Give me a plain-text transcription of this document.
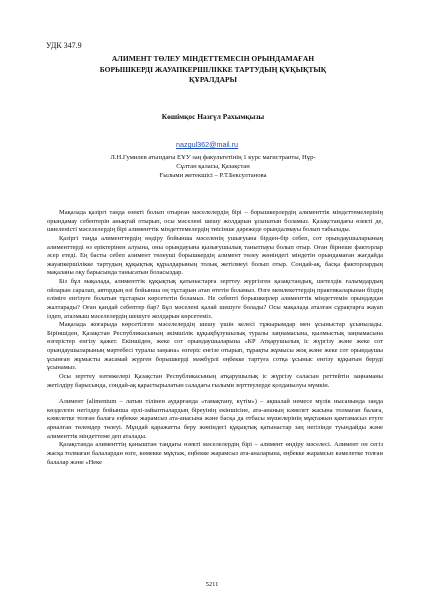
УДК 347.9
АЛИМЕНТ ТӨЛЕУ МІНДЕТТЕМЕСІН ОРЫНДАМАҒАН
БОРЫШКЕРДІ ЖАУАПКЕРШІЛІККЕ ТАРТУДЫҢ ҚҰҚЫҚТЫҚ
ҚҰРАЛДАРЫ
Көшімқос Назгүл Рахымқызы
nazgul362@mail.ru
Л.Н.Гумилев атындағы ЕҰУ заң факультетінің 1 курс магистранты, Нұр-
Сұлтан қаласы, Қазақстан
Ғылыми жетекшісі – Р.Т.Бексултанова

Мақалада қазіргі таңда өзекті болып отырған мәселелердің бірі – борышкерлердің алименттік міндеттемелерінің орындамау себептерін анықтай отырып, осы мәселені шешу жолдарын ұсынатын боламыз. Қазақстандағы өзекті де, шиеленісті мәселелердің бірі алименттік міндеттемелердің тиісінше дәрежеде орындалмауы болып табылады.

Қазіргі таңда алименттердің өндіру бойынша мәселенің ушығуына бірден-бір себеп, сот орындаушыларының алименттерді өз еріктерінен алуына, оны орындауына қызығушылық танытпауы болып отыр. Оған бірнеше факторлар әсер етеді. Ең басты себеп алимент төлеуші борышкердің алимент төлеу жөніндегі міндетін орындамаған жағдайда жауапкершілікке тартудың құқықтық құралдарының толық жетілмеуі болып отыр. Сондай-ақ, басқа факторлардың мақаланы оқу барысында танысатын боласыздар.

Біз бұл мақалада, алименттік құқықтық қатынастарға зерттеу жүргізген қазақстандық, шетелдік ғалымдардың ойларын саралап, автордың өзі бойынша оң тұстарын атап өтетін боламыз. Өзге мемлекеттердің практикаларынан біздің еліміге енгізуге болатын тұстарын көрсететін боламыз. Не себепті борышкерлер алименттік міндеттемін орындаудан жалтарады? Оған қандай себептер бар? Бұл мәселені қалай шешуге болады? Осы мақалада аталған сұрақтарға жауап іздеп, аталмыш мәселелердің шешуге жолдарын көрсетеміз.

Мақалада жоғарыда көрсетілген мәселелердің шешу үшін келесі тұжырымдар мен ұсыныстар ұсынылады. Біріншіден, Қазақстан Республикасының әкімшілік құқықбұзушылық туралы заңнамасына, қылмыстық заңнамасына өзгерістер енгізу қажет. Екіншіден, жеке сот орындаушыларына «КР Атқарушылық іс жүргізу және жеке сот орындаушыларының мәртебесі туралы заңына» өзгеріс енгізе отырып, тұрақты жұмысы жоқ және жеке сот орындаушы ұсынған жұмысты жасамай жүрген борышкерді мәжбүрлі еңбекке тартуға сотқа ұсыныс енгізу құқығын беруді ұсынамыз.

Осы зерттеу нәтижелері Қазақстан Республикасының атқарушылық іс жүргізу саласын реттейтін заңнаманы жетілдіру барысында, сондай-ақ қарастырылатын саладағы ғылыми зерттеулерде қолданылуы мүмкін.

Алимент (alimentum – латын тілінен аударғанда «тамақтану, күтім») – ақшалай немесе мүлік нысанында заңда көзделген негіздер бойынша ерлі-зайыптылардың біреуінің екіншісіне, ата-ананың кәмелет жасына толмаған балаға, кәмелетке толған балаға еңбекке жарамсыз ата-анасына және басқа да отбасы мүшелерінің мұқтажын қамтамасыз етуге арналған төлемдер төлеуі. Мұндай қаражатты беру жөніндегі құқықтық қатынастар заң негізінде туындайды және алименттік міндеттеме деп аталады.

Қазақстанда алименттің қаныштан таңдағы өзекті мәселелердің бірі – алимент өндіру мәселесі. Алимент он сегіз жасқа толмаған балалардан өзге, көмекке мұқтаж, еңбекке жарамсыз ата-аналарына, еңбекке жарамсыз кәмелетке толған балалар және «Неке

5211
